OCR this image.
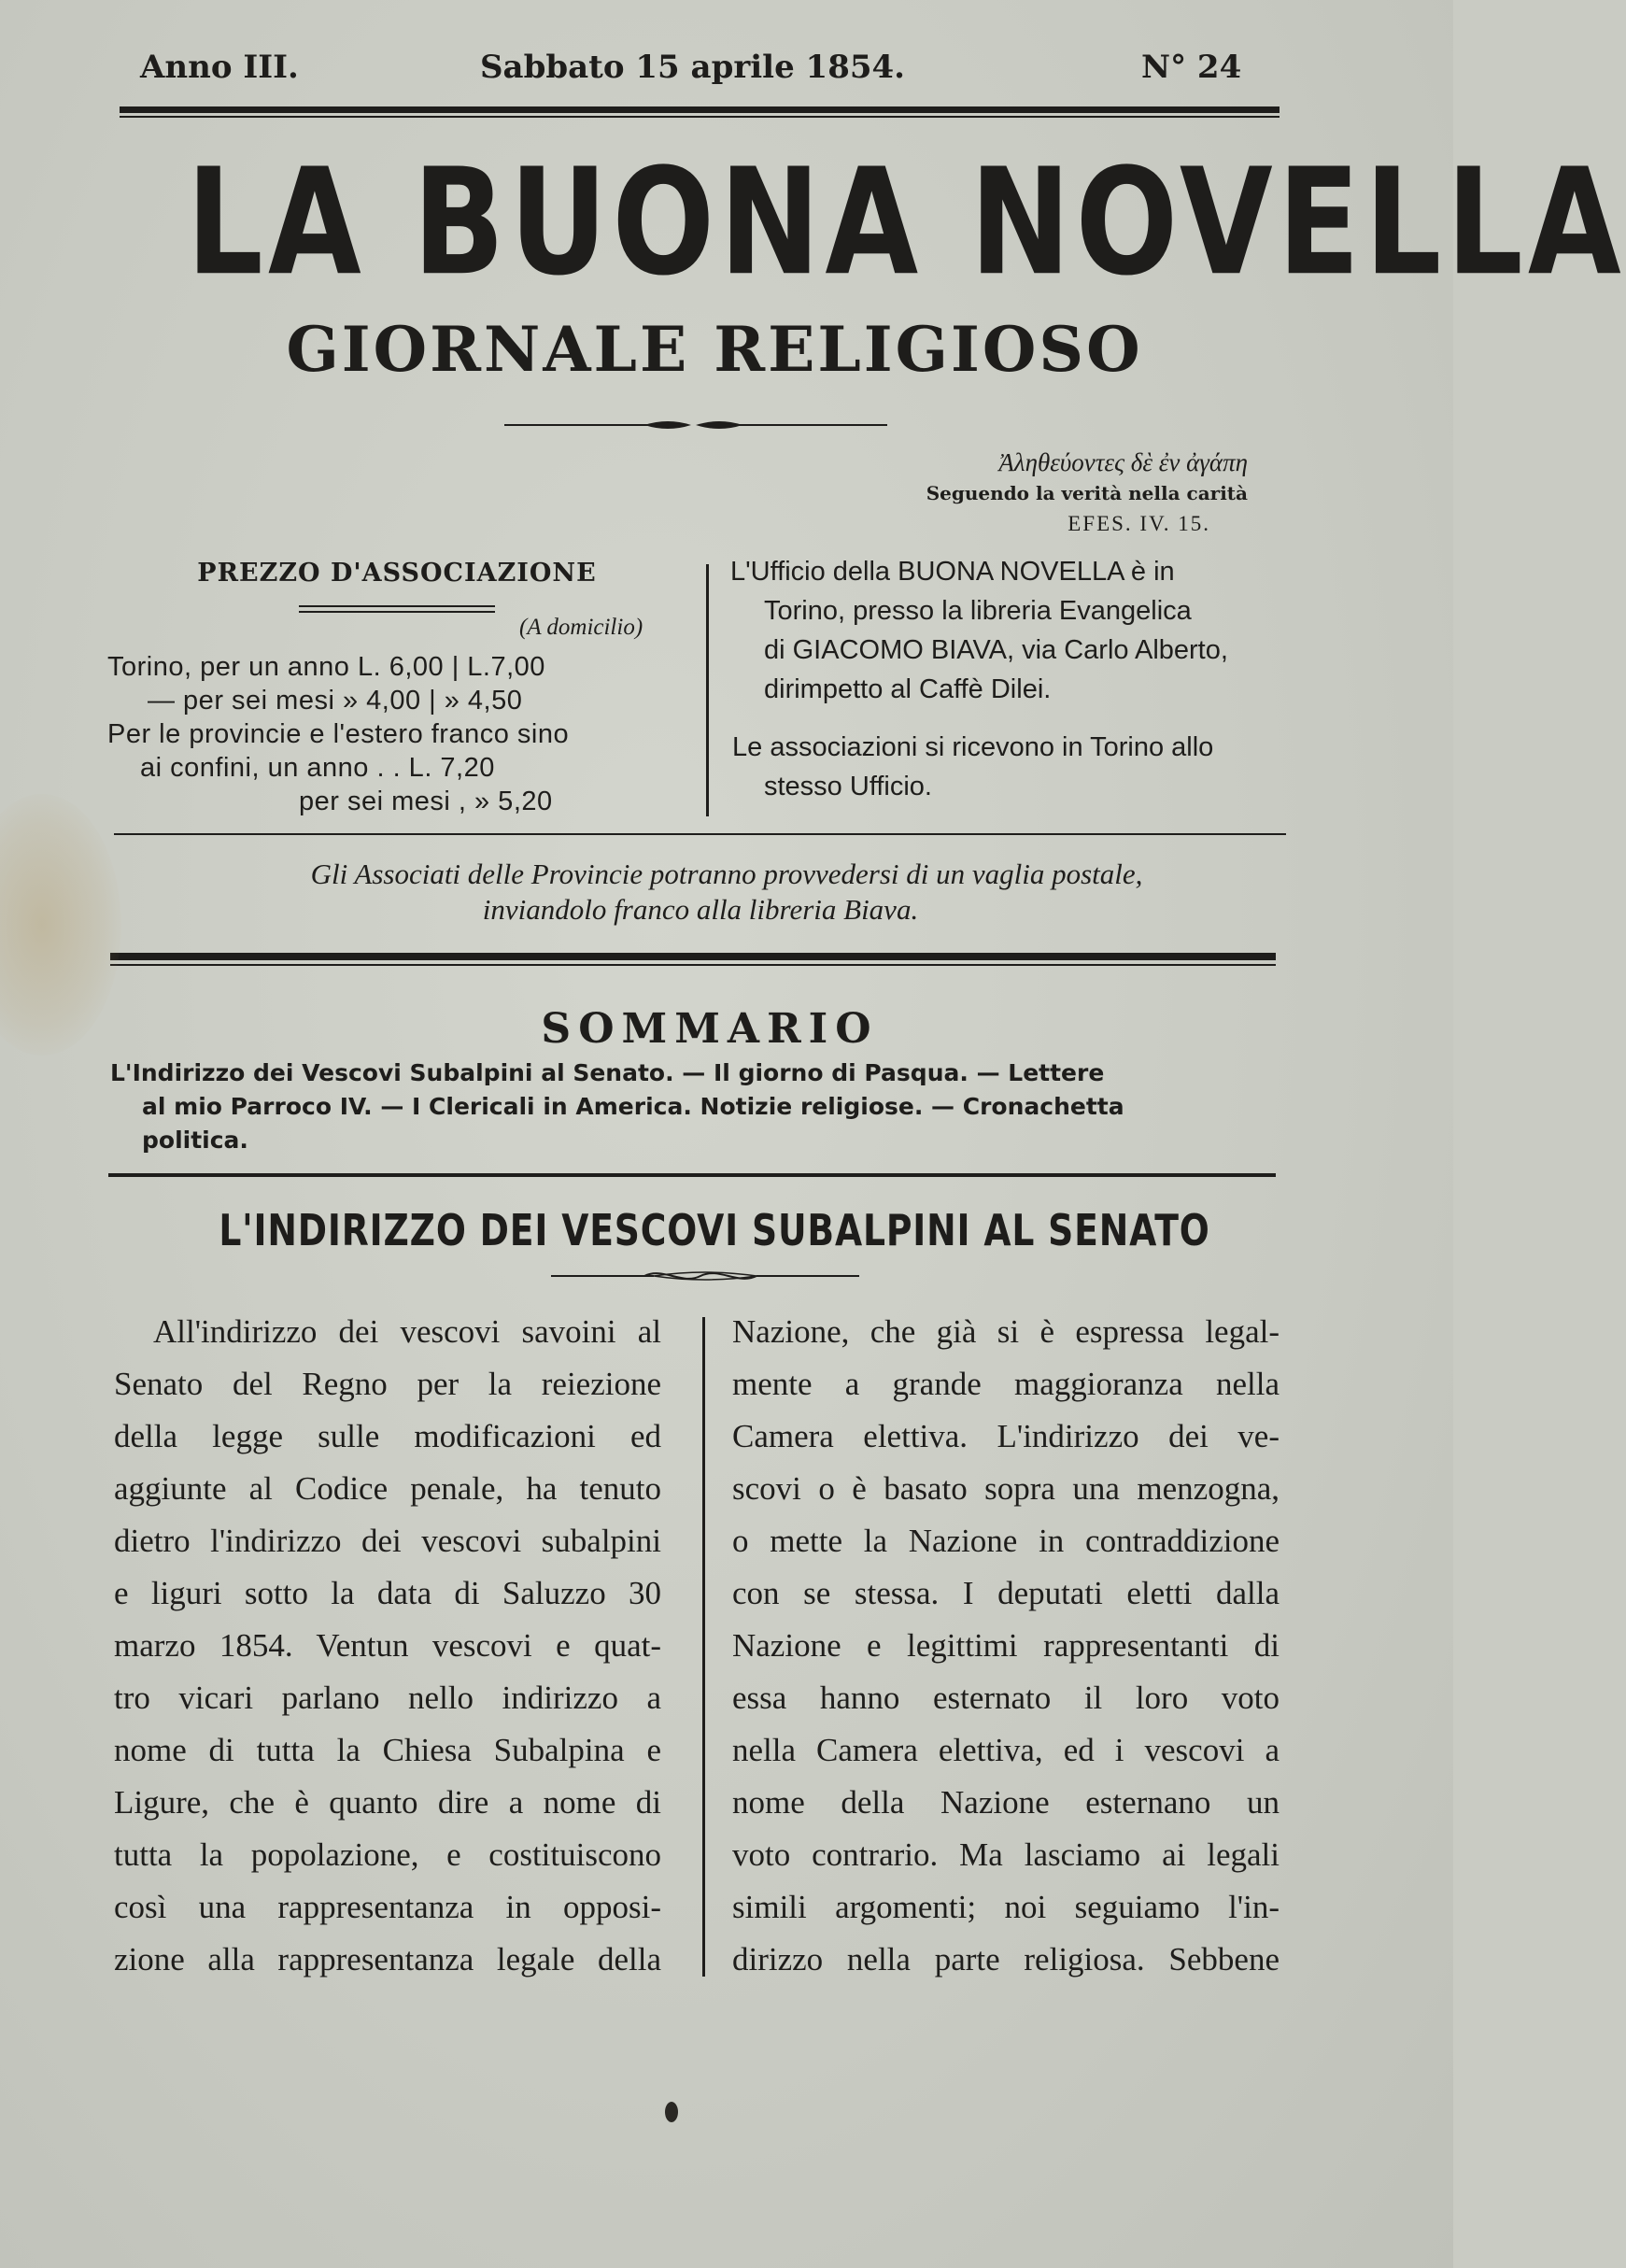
Anno III.	Sabbato 15 aprile 1854.	N° 24
LA BUONA NOVELLA
GIORNALE RELIGIOSO
Ἀληθεύοντες δὲ ἐν ἀγάπη
Seguendo la verità nella carità
EFES. IV. 15.
PREZZO D'ASSOCIAZIONE
(A domicilio)
Torino, per un anno L. 6,00 | L.7,00
— per sei mesi » 4,00 | » 4,50
Per le provincie e l'estero franco sino
ai confini, un anno . . L. 7,20
per sei mesi , » 5,20
L'Ufficio della BUONA NOVELLA è in
Torino, presso la libreria Evangelica
di GIACOMO BIAVA, via Carlo Alberto,
dirimpetto al Caffè Dilei.
Le associazioni si ricevono in Torino allo
stesso Ufficio.
Gli Associati delle Provincie potranno provvedersi di un vaglia postale,
inviandolo franco alla libreria Biava.
SOMMARIO
L'Indirizzo dei Vescovi Subalpini al Senato. — Il giorno di Pasqua. — Lettere
al mio Parroco IV. — I Clericali in America. Notizie religiose. — Cronachetta
politica.
L'INDIRIZZO DEI VESCOVI SUBALPINI AL SENATO
All'indirizzo dei vescovi savoini al
Senato del Regno per la reiezione
della legge sulle modificazioni ed
aggiunte al Codice penale, ha tenuto
dietro l'indirizzo dei vescovi subalpini
e liguri sotto la data di Saluzzo 30
marzo 1854. Ventun vescovi e quat-
tro vicari parlano nello indirizzo a
nome di tutta la Chiesa Subalpina e
Ligure, che è quanto dire a nome di
tutta la popolazione, e costituiscono
così una rappresentanza in opposi-
zione alla rappresentanza legale della
Nazione, che già si è espressa legal-
mente a grande maggioranza nella
Camera elettiva. L'indirizzo dei ve-
scovi o è basato sopra una menzogna,
o mette la Nazione in contraddizione
con se stessa. I deputati eletti dalla
Nazione e legittimi rappresentanti di
essa hanno esternato il loro voto
nella Camera elettiva, ed i vescovi a
nome della Nazione esternano un
voto contrario. Ma lasciamo ai legali
simili argomenti; noi seguiamo l'in-
dirizzo nella parte religiosa. Sebbene
